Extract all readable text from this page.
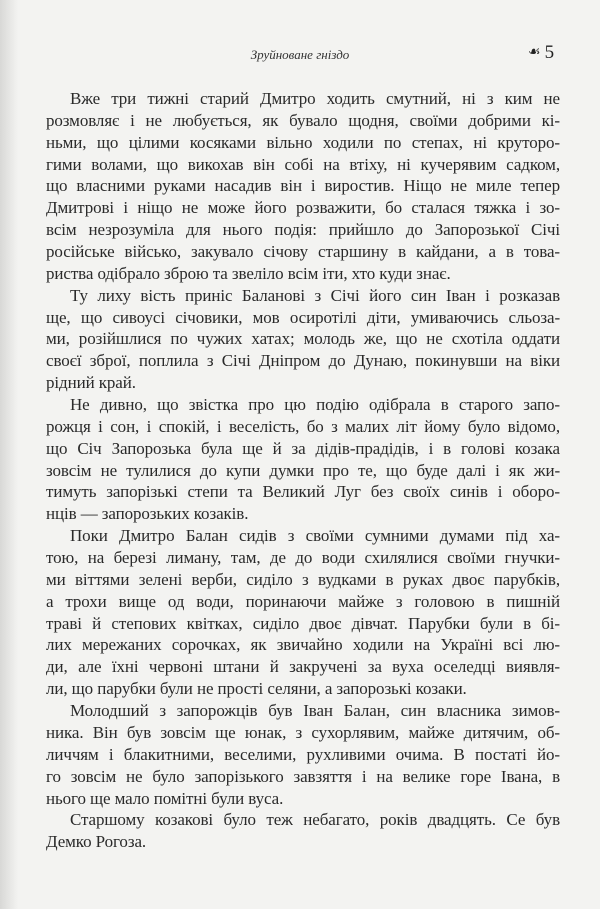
Зруйноване гніздо	☙ 5
Вже три тижні старий Дмитро ходить смутний, ні з ким не
розмовляє і не любується, як бувало щодня, своїми добрими кі-
ньми, що цілими косяками вільно ходили по степах, ні круторо-
гими волами, що викохав він собі на втіху, ні кучерявим садком,
що власними руками насадив він і виростив. Ніщо не миле тепер
Дмитрові і ніщо не може його розважити, бо сталася тяжка і зо-
всім незрозуміла для нього подія: прийшло до Запорозької Січі
російське військо, закувало січову старшину в кайдани, а в това-
риства одібрало зброю та звеліло всім іти, хто куди знає.
Ту лиху вість приніс Баланові з Січі його син Іван і розказав
ще, що сивоусі січовики, мов осиротілі діти, умиваючись сльоза-
ми, розійшлися по чужих хатах; молодь же, що не схотіла оддати
своєї зброї, поплила з Січі Дніпром до Дунаю, покинувши на віки
рідний край.
Не дивно, що звістка про цю подію одібрала в старого запо-
рожця і сон, і спокій, і веселість, бо з малих літ йому було відомо,
що Січ Запорозька була ще й за дідів-прадідів, і в голові козака
зовсім не тулилися до купи думки про те, що буде далі і як жи-
тимуть запорізькі степи та Великий Луг без своїх синів і оборо-
нців — запорозьких козаків.
Поки Дмитро Балан сидів з своїми сумними думами під ха-
тою, на березі лиману, там, де до води схилялися своїми гнучки-
ми віттями зелені верби, сиділо з вудками в руках двоє парубків,
а трохи вище од води, поринаючи майже з головою в пишній
траві й степових квітках, сиділо двоє дівчат. Парубки були в бі-
лих мережаних сорочках, як звичайно ходили на Україні всі лю-
ди, але їхні червоні штани й закручені за вуха оселедці виявля-
ли, що парубки були не прості селяни, а запорозькі козаки.
Молодший з запорожців був Іван Балан, син власника зимов-
ника. Він був зовсім ще юнак, з сухорлявим, майже дитячим, об-
личчям і блакитними, веселими, рухливими очима. В постаті йо-
го зовсім не було запорізького завзяття і на велике горе Івана, в
нього ще мало помітні були вуса.
Старшому козакові було теж небагато, років двадцять. Се був
Демко Рогоза.
